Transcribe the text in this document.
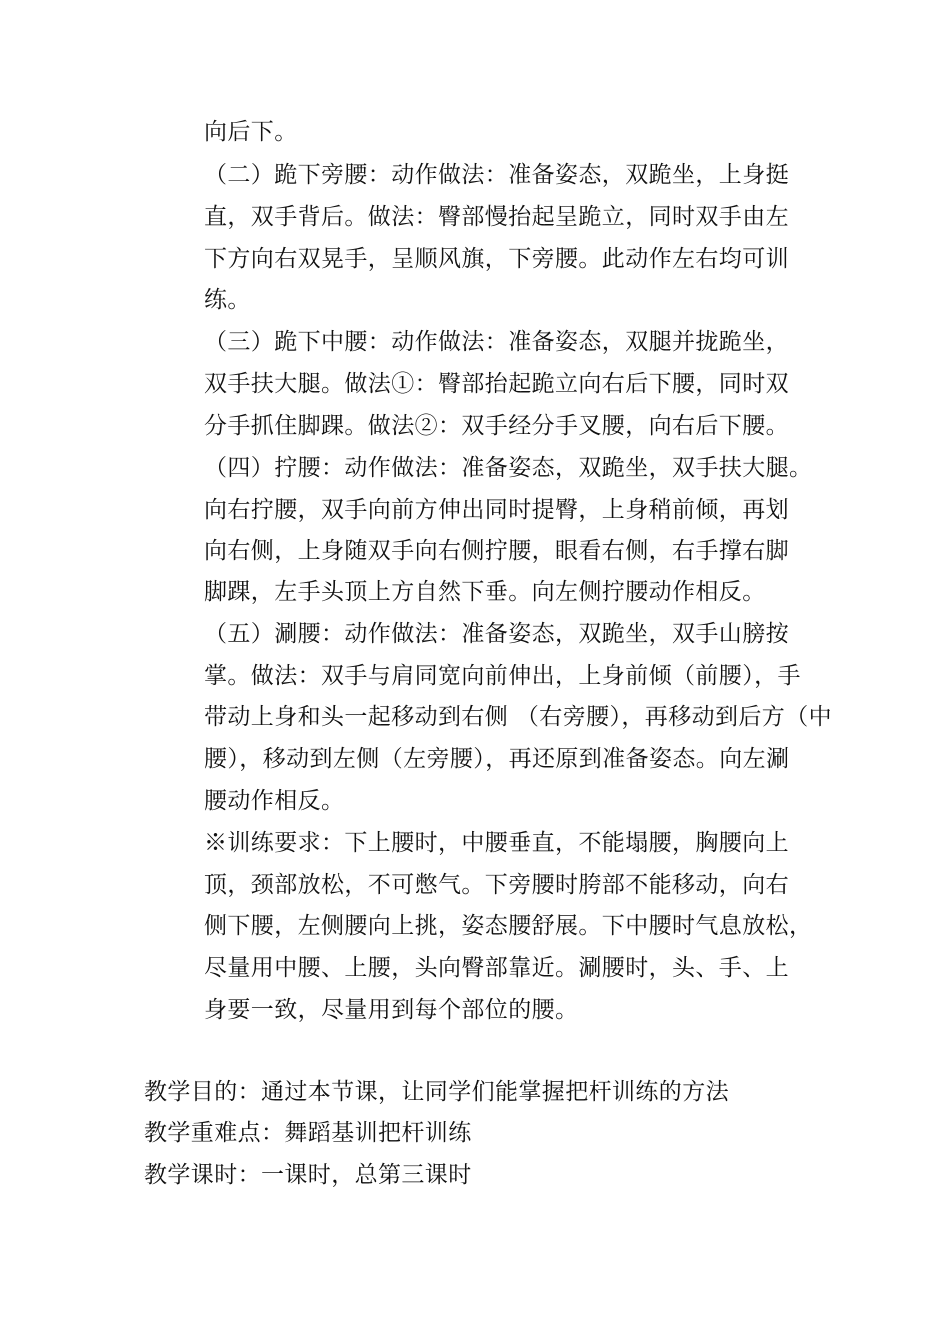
向后下。
（二）跪下旁腰：动作做法：准备姿态，双跪坐，上身挺
直，双手背后。做法：臀部慢抬起呈跪立，同时双手由左
下方向右双晃手，呈顺风旗，下旁腰。此动作左右均可训
练。
（三）跪下中腰：动作做法：准备姿态，双腿并拢跪坐，
双手扶大腿。做法①：臀部抬起跪立向右后下腰，同时双
分手抓住脚踝。做法②：双手经分手叉腰，向右后下腰。
（四）拧腰：动作做法：准备姿态，双跪坐，双手扶大腿。
向右拧腰，双手向前方伸出同时提臀，上身稍前倾，再划
向右侧，上身随双手向右侧拧腰，眼看右侧，右手撑右脚
脚踝，左手头顶上方自然下垂。向左侧拧腰动作相反。
（五）涮腰：动作做法：准备姿态，双跪坐，双手山膀按
掌。做法：双手与肩同宽向前伸出，上身前倾（前腰），手
带动上身和头一起移动到右侧 （右旁腰），再移动到后方（中
腰），移动到左侧（左旁腰），再还原到准备姿态。向左涮
腰动作相反。
※训练要求：下上腰时，中腰垂直，不能塌腰，胸腰向上
顶，颈部放松，不可憋气。下旁腰时胯部不能移动，向右
侧下腰，左侧腰向上挑，姿态腰舒展。下中腰时气息放松，
尽量用中腰、上腰，头向臀部靠近。涮腰时，头、手、上
身要一致，尽量用到每个部位的腰。
教学目的：通过本节课，让同学们能掌握把杆训练的方法
教学重难点：舞蹈基训把杆训练
教学课时：一课时，总第三课时
